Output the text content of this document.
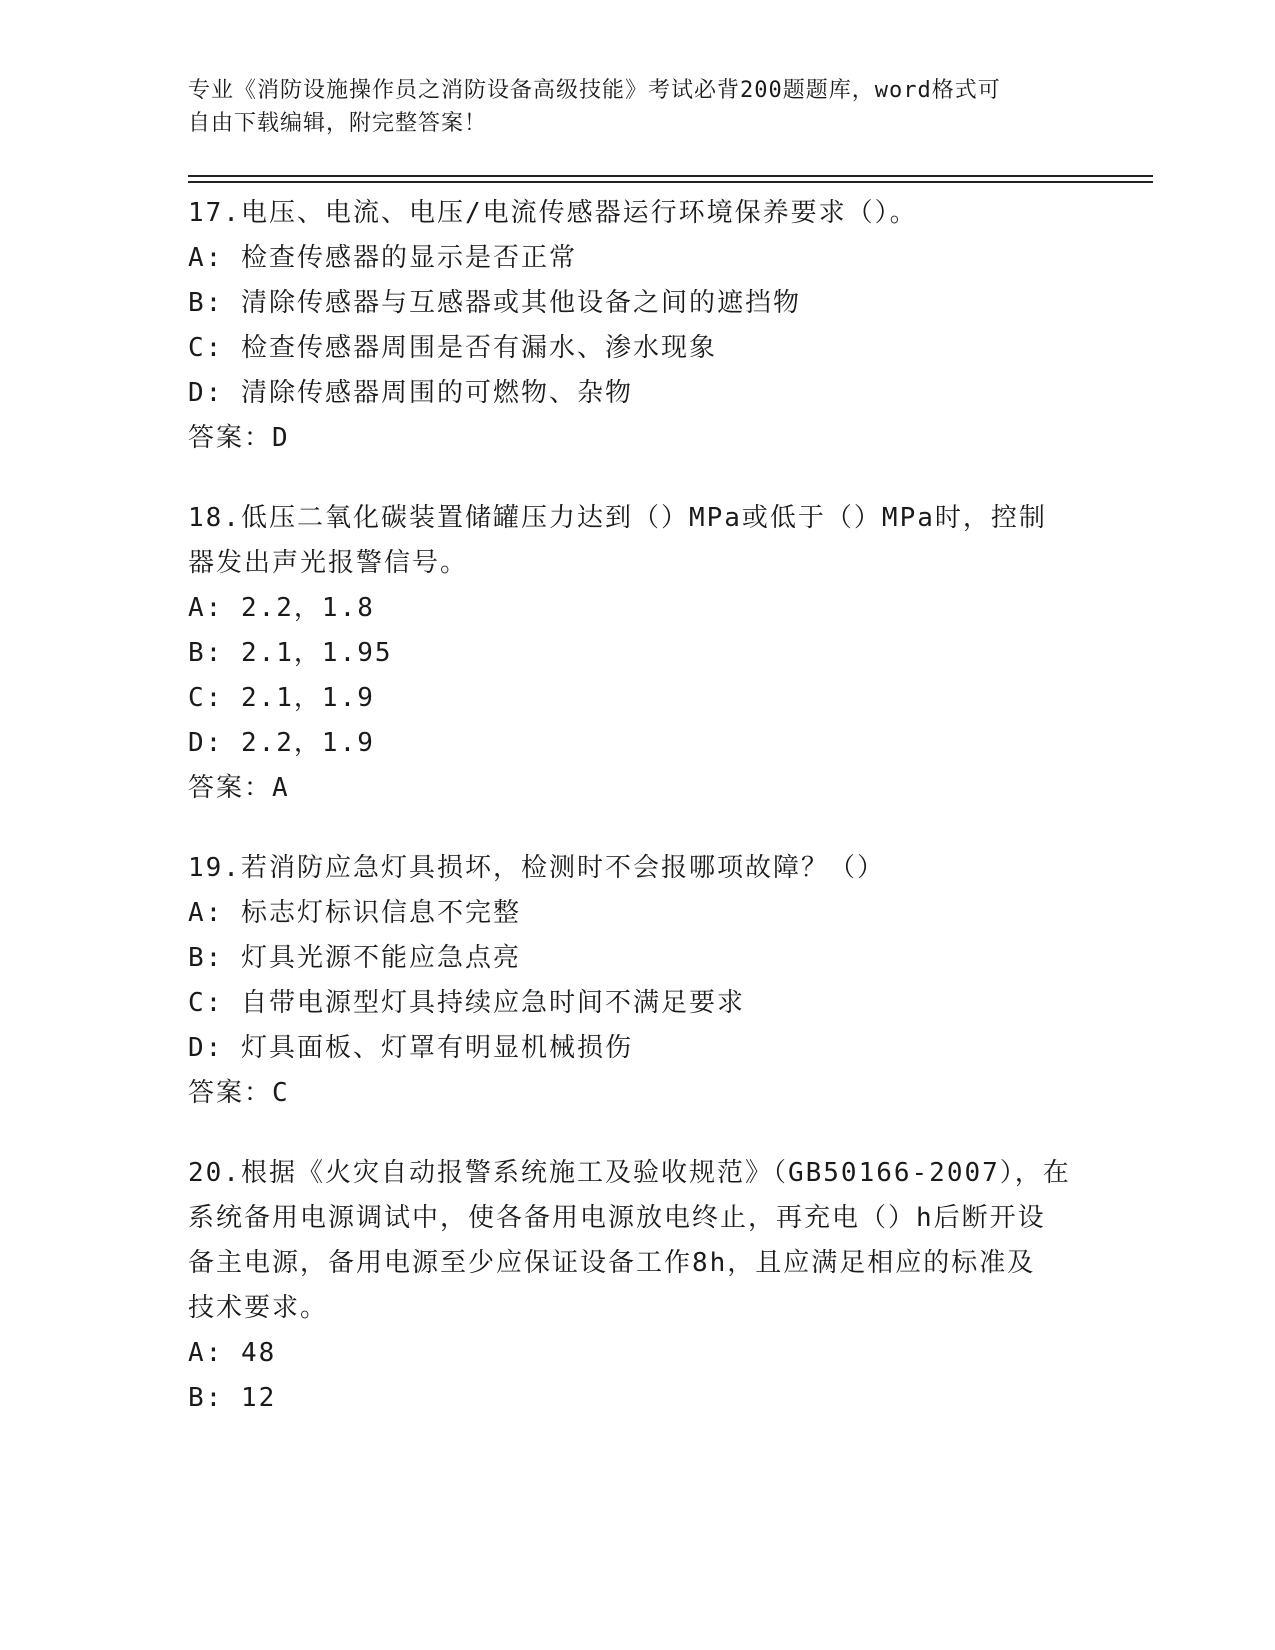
专业《消防设施操作员之消防设备高级技能》考试必背200题题库，word格式可
自由下载编辑，附完整答案！
17.电压、电流、电压/电流传感器运行环境保养要求（）。
A: 检查传感器的显示是否正常
B: 清除传感器与互感器或其他设备之间的遮挡物
C: 检查传感器周围是否有漏水、渗水现象
D: 清除传感器周围的可燃物、杂物
答案：D
18.低压二氧化碳装置储罐压力达到（）MPa或低于（）MPa时，控制
器发出声光报警信号。
A: 2.2，1.8
B: 2.1，1.95
C: 2.1，1.9
D: 2.2，1.9
答案：A
19.若消防应急灯具损坏，检测时不会报哪项故障？（）
A: 标志灯标识信息不完整
B: 灯具光源不能应急点亮
C: 自带电源型灯具持续应急时间不满足要求
D: 灯具面板、灯罩有明显机械损伤
答案：C
20.根据《火灾自动报警系统施工及验收规范》（GB50166-2007），在
系统备用电源调试中，使各备用电源放电终止，再充电（）h后断开设
备主电源，备用电源至少应保证设备工作8h，且应满足相应的标准及
技术要求。
A: 48
B: 12
